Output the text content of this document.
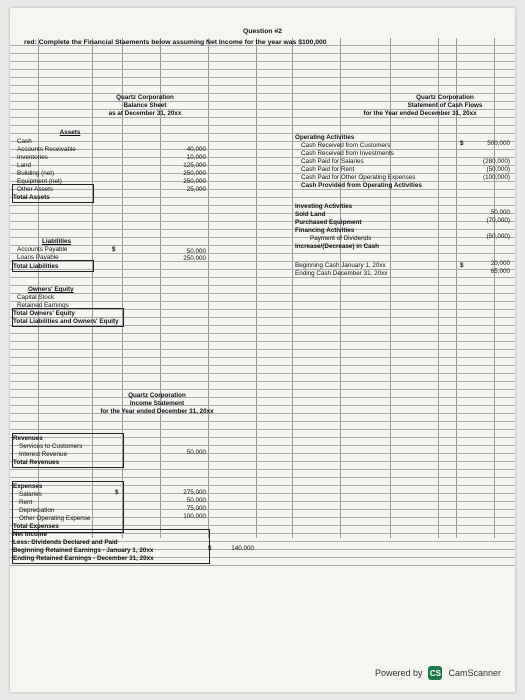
Question #2
red: Complete the Financial Staements below assuming Net Income for the year was $100,000
Quartz Corporation
Balance Sheet
as at December 31, 20xx
Assets
Cash
Accounts Receivable	40,000
Inventories	10,000
Land	125,000
Building (net)	250,000
Equipment (net)	250,000
Other Assets	25,000
Total Assets
Liabilities
Accounts Payable	$	50,000
Loans Payable	250,000
Total Liabilities
Owners' Equity
Capital Stock
Retained Earnings
Total Owners' Equity
Total Liabilities and Owners' Equity
Quartz Corporation
Statement of Cash Flows
for the Year ended December 31, 20xx
Operating Activities
Cash Received from Customers	$	500,000
Cash Received from Investments
Cash Paid for Salaries	(280,000)
Cash Paid for Rent	(50,000)
Cash Paid for Other Operating Expenses	(100,000)
Cash Provided from Operating Activities
Investing Activities
Sold Land	50,000
Purchased Equipment	(70,000)
Financing Activities
Payment of Dividends	(50,000)
Increase/(Decrease) in Cash
Beginning Cash January 1, 20xx	$	20,000
Ending Cash December 31, 20xx	65,000
Quartz Corporation
Income Statement
for the Year ended December 31, 20xx
Revenues
Services to Customers
Interest Revenue	50,000
Total Revenues
Expenses
Salaries	$	275,000
Rent	50,000
Depreciation	75,000
Other Operating Expense	100,000
Total Expenses
Net Income
Less: Dividends Declared and Paid
Beginning Retained Earnings - January 1, 20xx	$	140,000
Ending Retained Earnings - December 31, 20xx
Powered by CS CamScanner
